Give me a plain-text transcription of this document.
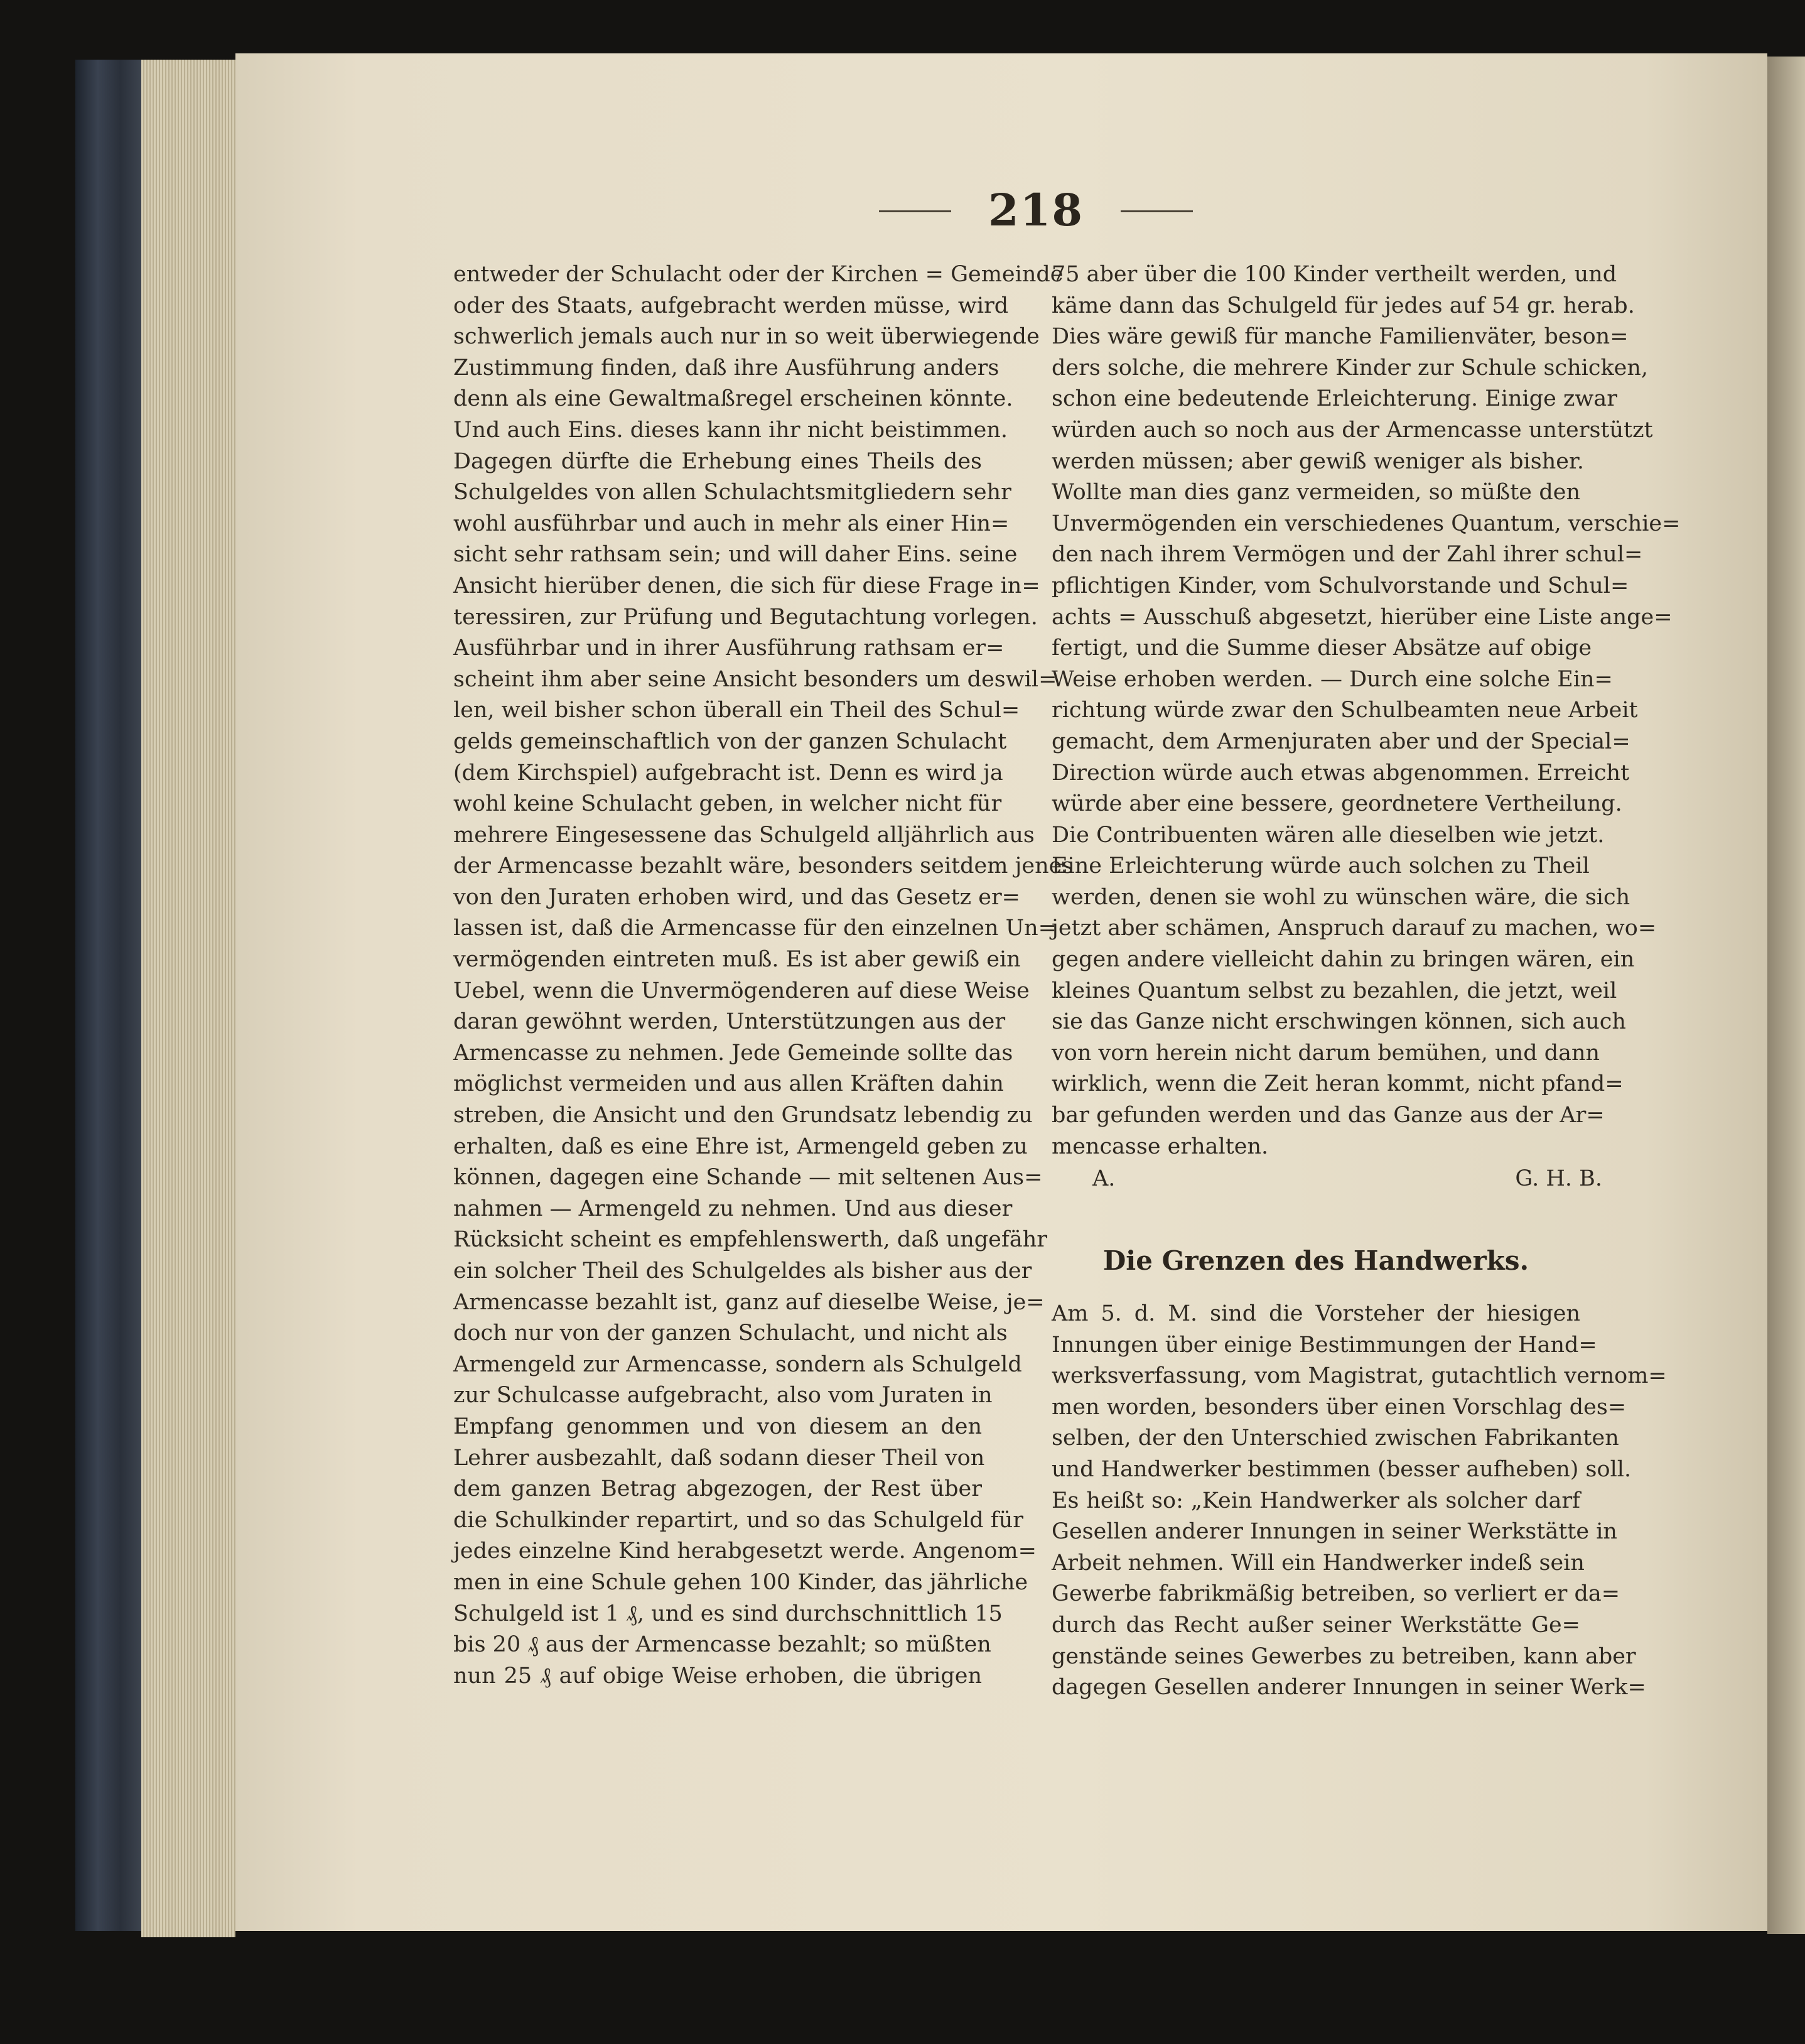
218
entweder der Schulacht oder der Kirchen = Gemeinde
oder des Staats, aufgebracht werden müsse, wird
schwerlich jemals auch nur in so weit überwiegende
Zustimmung finden, daß ihre Ausführung anders
denn als eine Gewaltmaßregel erscheinen könnte.
Und auch Eins. dieses kann ihr nicht beistimmen.
Dagegen dürfte die Erhebung eines Theils des
Schulgeldes von allen Schulachtsmitgliedern sehr
wohl ausführbar und auch in mehr als einer Hin=
sicht sehr rathsam sein; und will daher Eins. seine
Ansicht hierüber denen, die sich für diese Frage in=
teressiren, zur Prüfung und Begutachtung vorlegen.
Ausführbar und in ihrer Ausführung rathsam er=
scheint ihm aber seine Ansicht besonders um deswil=
len, weil bisher schon überall ein Theil des Schul=
gelds gemeinschaftlich von der ganzen Schulacht
(dem Kirchspiel) aufgebracht ist. Denn es wird ja
wohl keine Schulacht geben, in welcher nicht für
mehrere Eingesessene das Schulgeld alljährlich aus
der Armencasse bezahlt wäre, besonders seitdem jenes
von den Juraten erhoben wird, und das Gesetz er=
lassen ist, daß die Armencasse für den einzelnen Un=
vermögenden eintreten muß. Es ist aber gewiß ein
Uebel, wenn die Unvermögenderen auf diese Weise
daran gewöhnt werden, Unterstützungen aus der
Armencasse zu nehmen. Jede Gemeinde sollte das
möglichst vermeiden und aus allen Kräften dahin
streben, die Ansicht und den Grundsatz lebendig zu
erhalten, daß es eine Ehre ist, Armengeld geben zu
können, dagegen eine Schande — mit seltenen Aus=
nahmen — Armengeld zu nehmen. Und aus dieser
Rücksicht scheint es empfehlenswerth, daß ungefähr
ein solcher Theil des Schulgeldes als bisher aus der
Armencasse bezahlt ist, ganz auf dieselbe Weise, je=
doch nur von der ganzen Schulacht, und nicht als
Armengeld zur Armencasse, sondern als Schulgeld
zur Schulcasse aufgebracht, also vom Juraten in
Empfang genommen und von diesem an den
Lehrer ausbezahlt, daß sodann dieser Theil von
dem ganzen Betrag abgezogen, der Rest über
die Schulkinder repartirt, und so das Schulgeld für
jedes einzelne Kind herabgesetzt werde. Angenom=
men in eine Schule gehen 100 Kinder, das jährliche
Schulgeld ist 1 ₰, und es sind durchschnittlich 15
bis 20 ₰ aus der Armencasse bezahlt; so müßten
nun 25 ₰ auf obige Weise erhoben, die übrigen
75 aber über die 100 Kinder vertheilt werden, und
käme dann das Schulgeld für jedes auf 54 gr. herab.
Dies wäre gewiß für manche Familienväter, beson=
ders solche, die mehrere Kinder zur Schule schicken,
schon eine bedeutende Erleichterung. Einige zwar
würden auch so noch aus der Armencasse unterstützt
werden müssen; aber gewiß weniger als bisher.
Wollte man dies ganz vermeiden, so müßte den
Unvermögenden ein verschiedenes Quantum, verschie=
den nach ihrem Vermögen und der Zahl ihrer schul=
pflichtigen Kinder, vom Schulvorstande und Schul=
achts = Ausschuß abgesetzt, hierüber eine Liste ange=
fertigt, und die Summe dieser Absätze auf obige
Weise erhoben werden. — Durch eine solche Ein=
richtung würde zwar den Schulbeamten neue Arbeit
gemacht, dem Armenjuraten aber und der Special=
Direction würde auch etwas abgenommen. Erreicht
würde aber eine bessere, geordnetere Vertheilung.
Die Contribuenten wären alle dieselben wie jetzt.
Eine Erleichterung würde auch solchen zu Theil
werden, denen sie wohl zu wünschen wäre, die sich
jetzt aber schämen, Anspruch darauf zu machen, wo=
gegen andere vielleicht dahin zu bringen wären, ein
kleines Quantum selbst zu bezahlen, die jetzt, weil
sie das Ganze nicht erschwingen können, sich auch
von vorn herein nicht darum bemühen, und dann
wirklich, wenn die Zeit heran kommt, nicht pfand=
bar gefunden werden und das Ganze aus der Ar=
mencasse erhalten.
A.	G. H. B.
Die Grenzen des Handwerks.
Am 5. d. M. sind die Vorsteher der hiesigen
Innungen über einige Bestimmungen der Hand=
werksverfassung, vom Magistrat, gutachtlich vernom=
men worden, besonders über einen Vorschlag des=
selben, der den Unterschied zwischen Fabrikanten
und Handwerker bestimmen (besser aufheben) soll.
Es heißt so: „Kein Handwerker als solcher darf
Gesellen anderer Innungen in seiner Werkstätte in
Arbeit nehmen. Will ein Handwerker indeß sein
Gewerbe fabrikmäßig betreiben, so verliert er da=
durch das Recht außer seiner Werkstätte Ge=
genstände seines Gewerbes zu betreiben, kann aber
dagegen Gesellen anderer Innungen in seiner Werk=
